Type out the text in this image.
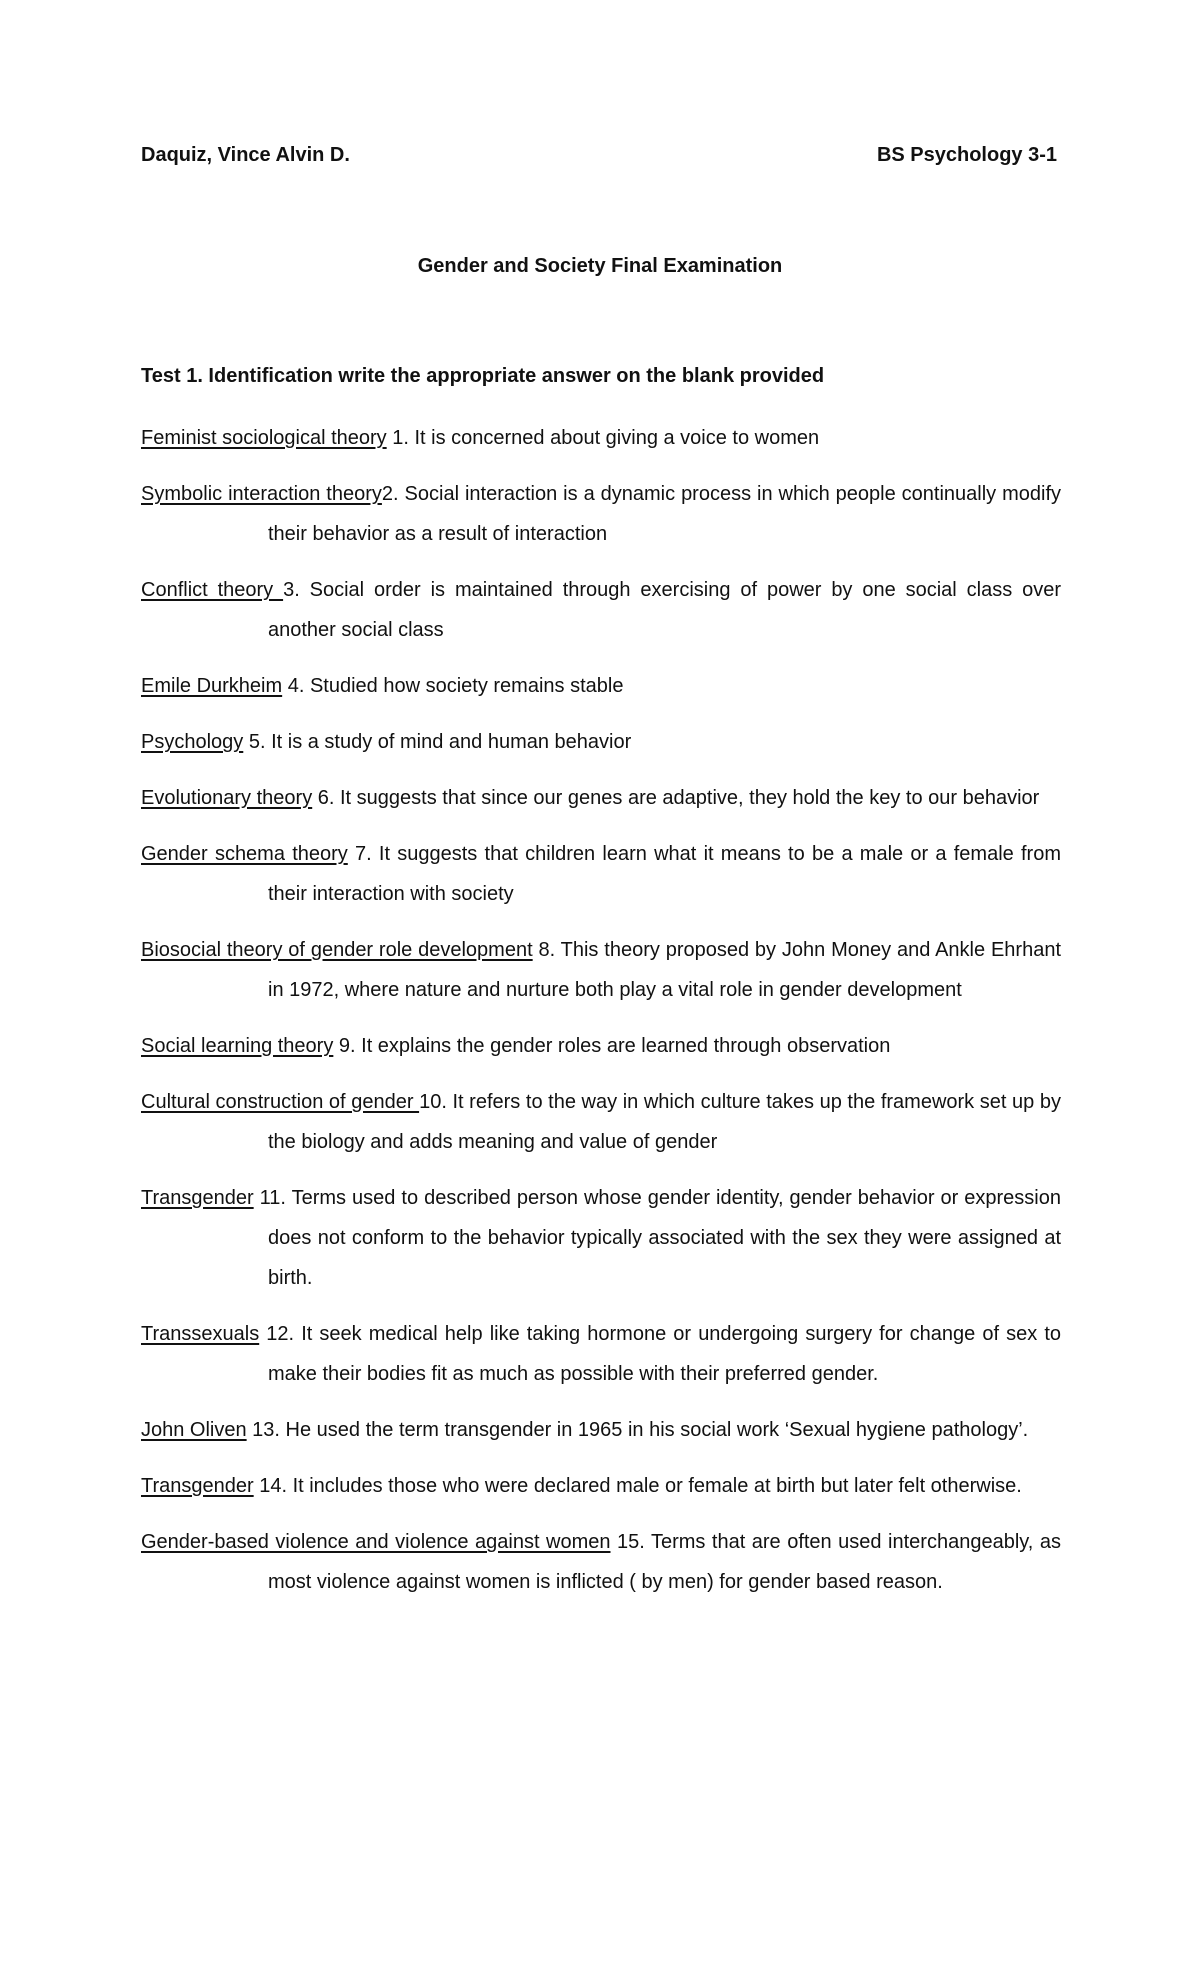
Daquiz, Vince Alvin D.	BS Psychology 3-1
Gender and Society Final Examination
Test 1. Identification write the appropriate answer on the blank provided

Feminist sociological theory 1. It is concerned about giving a voice to women

Symbolic interaction theory2. Social interaction is a dynamic process in which people continually modify their behavior as a result of interaction

Conflict theory 3. Social order is maintained through exercising of power by one social class over another social class

Emile Durkheim 4. Studied how society remains stable

Psychology 5. It is a study of mind and human behavior

Evolutionary theory 6. It suggests that since our genes are adaptive, they hold the key to our behavior

Gender schema theory 7. It suggests that children learn what it means to be a male or a female from their interaction with society

Biosocial theory of gender role development 8. This theory proposed by John Money and Ankle Ehrhant in 1972, where nature and nurture both play a vital role in gender development

Social learning theory 9. It explains the gender roles are learned through observation

Cultural construction of gender 10. It refers to the way in which culture takes up the framework set up by the biology and adds meaning and value of gender

Transgender 11. Terms used to described person whose gender identity, gender behavior or expression does not conform to the behavior typically associated with the sex they were assigned at birth.

Transsexuals 12. It seek medical help like taking hormone or undergoing surgery for change of sex to make their bodies fit as much as possible with their preferred gender.

John Oliven 13. He used the term transgender in 1965 in his social work ‘Sexual hygiene pathology’.

Transgender 14. It includes those who were declared male or female at birth but later felt otherwise.

Gender-based violence and violence against women 15. Terms that are often used interchangeably, as most violence against women is inflicted ( by men) for gender based reason.
